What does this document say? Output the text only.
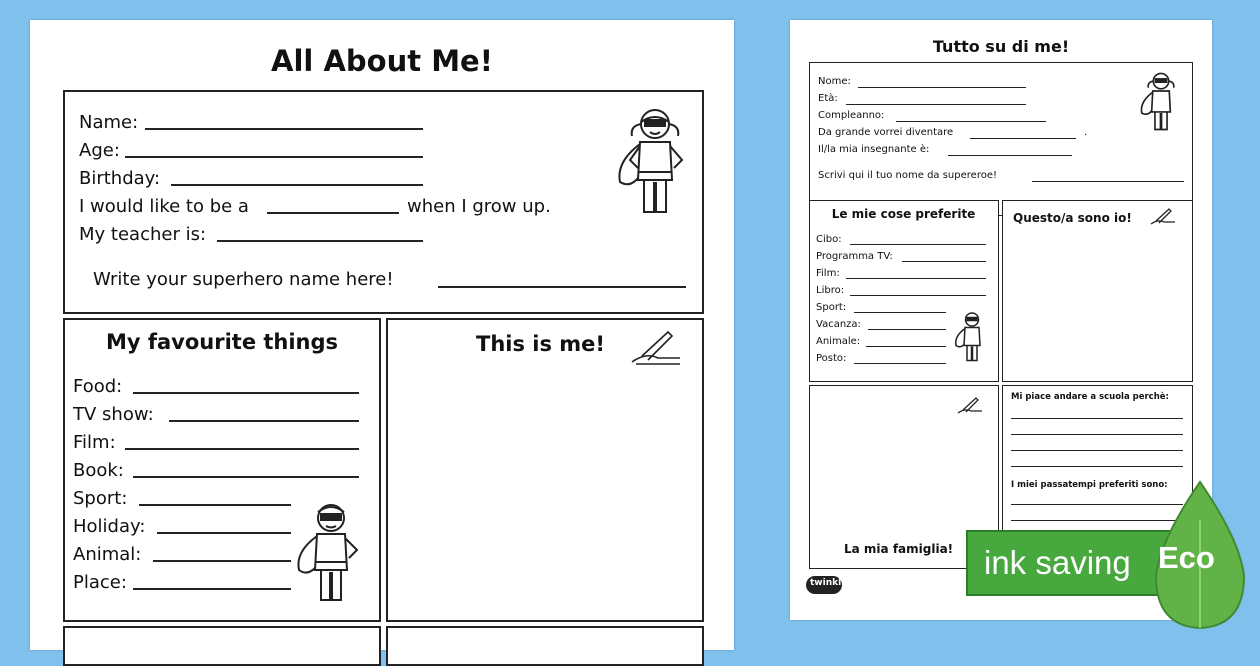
All About Me!
Name:
Age:
Birthday:
I would like to be a	when I grow up.
My teacher is:
Write your superhero name here!
My favourite things
Food:
TV show:
Film:
Book:
Sport:
Holiday:
Animal:
Place:
This is me!
Tutto su di me!
Nome:
Età:
Compleanno:
Da grande vorrei diventare	.
Il/la mia insegnante è:
Scrivi qui il tuo nome da supereroe!
Le mie cose preferite
Cibo:
Programma TV:
Film:
Libro:
Sport:
Vacanza:
Animale:
Posto:
Questo/a sono io!
La mia famiglia!
Mi piace andare a scuola perchè:
I miei passatempi preferiti sono:
twinkl
ink saving Eco
